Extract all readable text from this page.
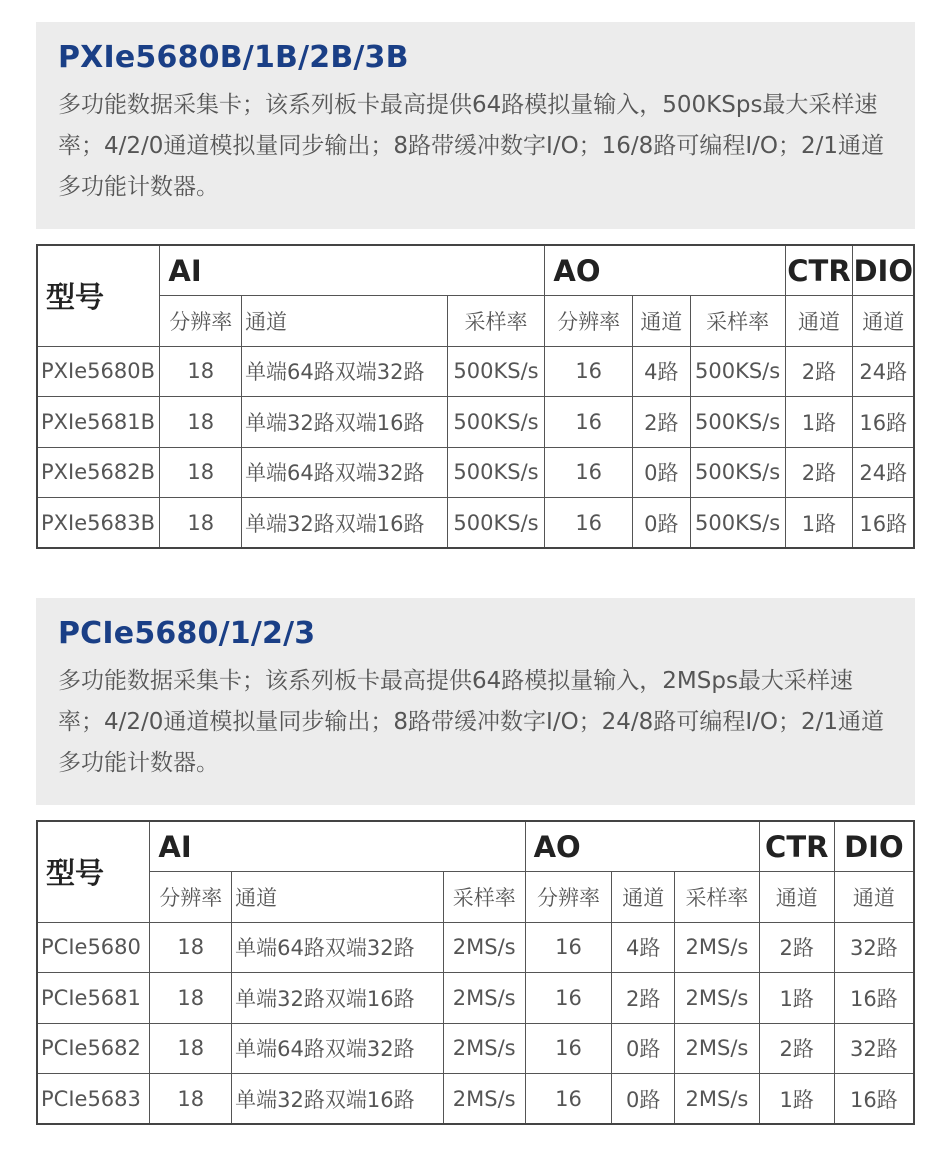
PXIe5680B/1B/2B/3B

多功能数据采集卡；该系列板卡最高提供64路模拟量输入，500KSps最大采样速率；4/2/0通道模拟量同步输出；8路带缓冲数字I/O；16/8路可编程I/O；2/1通道多功能计数器。

型号	AI			AO			CTR	DIO
	分辨率	通道	采样率	分辨率	通道	采样率	通道	通道
PXIe5680B	18	单端64路双端32路	500KS/s	16	4路	500KS/s	2路	24路
PXIe5681B	18	单端32路双端16路	500KS/s	16	2路	500KS/s	1路	16路
PXIe5682B	18	单端64路双端32路	500KS/s	16	0路	500KS/s	2路	24路
PXIe5683B	18	单端32路双端16路	500KS/s	16	0路	500KS/s	1路	16路
PCIe5680/1/2/3

多功能数据采集卡；该系列板卡最高提供64路模拟量输入，2MSps最大采样速率；4/2/0通道模拟量同步输出；8路带缓冲数字I/O；24/8路可编程I/O；2/1通道多功能计数器。

型号	AI			AO			CTR	DIO
	分辨率	通道	采样率	分辨率	通道	采样率	通道	通道
PCIe5680	18	单端64路双端32路	2MS/s	16	4路	2MS/s	2路	32路
PCIe5681	18	单端32路双端16路	2MS/s	16	2路	2MS/s	1路	16路
PCIe5682	18	单端64路双端32路	2MS/s	16	0路	2MS/s	2路	32路
PCIe5683	18	单端32路双端16路	2MS/s	16	0路	2MS/s	1路	16路
